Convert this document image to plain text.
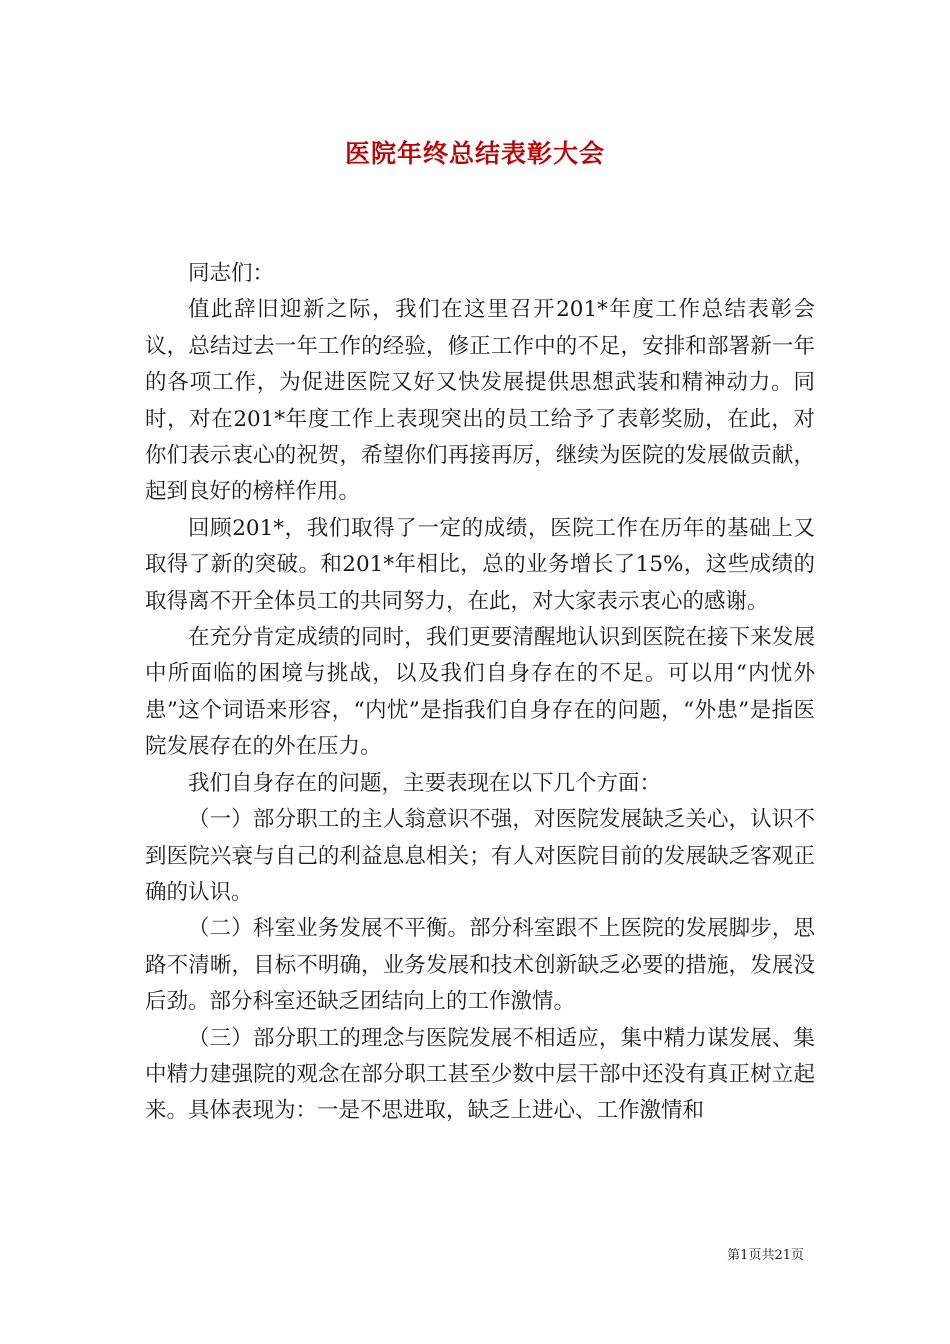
医院年终总结表彰大会

同志们：

值此辞旧迎新之际，我们在这里召开201*年度工作总结表彰会议，总结过去一年工作的经验，修正工作中的不足，安排和部署新一年的各项工作，为促进医院又好又快发展提供思想武装和精神动力。同时，对在201*年度工作上表现突出的员工给予了表彰奖励，在此，对你们表示衷心的祝贺，希望你们再接再厉，继续为医院的发展做贡献，起到良好的榜样作用。

回顾201*，我们取得了一定的成绩，医院工作在历年的基础上又取得了新的突破。和201*年相比，总的业务增长了15%，这些成绩的取得离不开全体员工的共同努力，在此，对大家表示衷心的感谢。

在充分肯定成绩的同时，我们更要清醒地认识到医院在接下来发展中所面临的困境与挑战，以及我们自身存在的不足。可以用“内忧外患”这个词语来形容，“内忧”是指我们自身存在的问题，“外患”是指医院发展存在的外在压力。

我们自身存在的问题，主要表现在以下几个方面：

（一）部分职工的主人翁意识不强，对医院发展缺乏关心，认识不到医院兴衰与自己的利益息息相关；有人对医院目前的发展缺乏客观正确的认识。

（二）科室业务发展不平衡。部分科室跟不上医院的发展脚步，思路不清晰，目标不明确，业务发展和技术创新缺乏必要的措施，发展没后劲。部分科室还缺乏团结向上的工作激情。

（三）部分职工的理念与医院发展不相适应，集中精力谋发展、集中精力建强院的观念在部分职工甚至少数中层干部中还没有真正树立起来。具体表现为：一是不思进取，缺乏上进心、工作激情和

第1页共21页
